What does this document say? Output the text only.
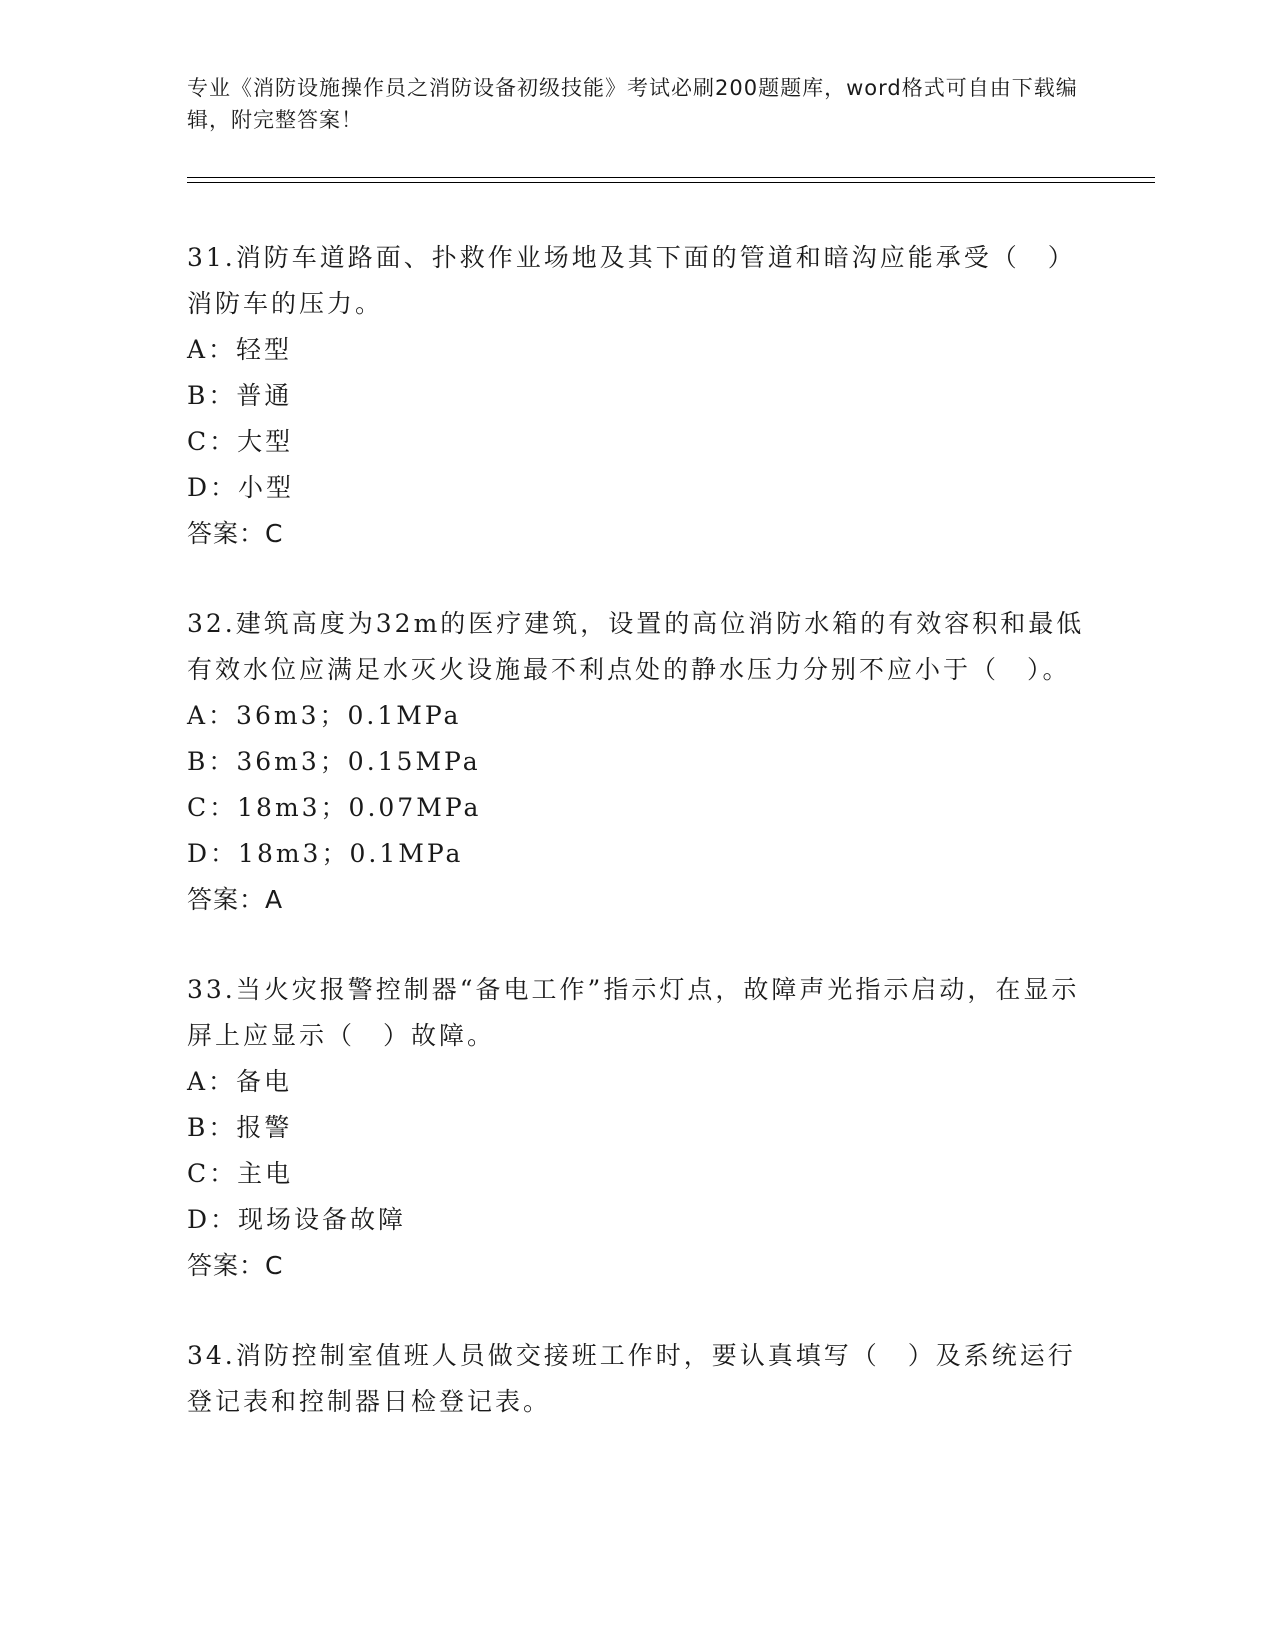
专业《消防设施操作员之消防设备初级技能》考试必刷200题题库，word格式可自由下载编辑，附完整答案！

31.消防车道路面、扑救作业场地及其下面的管道和暗沟应能承受（　）消防车的压力。

A：轻型

B：普通

C：大型

D：小型

答案：C

32.建筑高度为32m的医疗建筑，设置的高位消防水箱的有效容积和最低有效水位应满足水灭火设施最不利点处的静水压力分别不应小于（　）。

A：36m3；0.1MPa

B：36m3；0.15MPa

C：18m3；0.07MPa

D：18m3；0.1MPa

答案：A

33.当火灾报警控制器“备电工作”指示灯点，故障声光指示启动，在显示屏上应显示（　）故障。

A：备电

B：报警

C：主电

D：现场设备故障

答案：C

34.消防控制室值班人员做交接班工作时，要认真填写（　）及系统运行登记表和控制器日检登记表。
